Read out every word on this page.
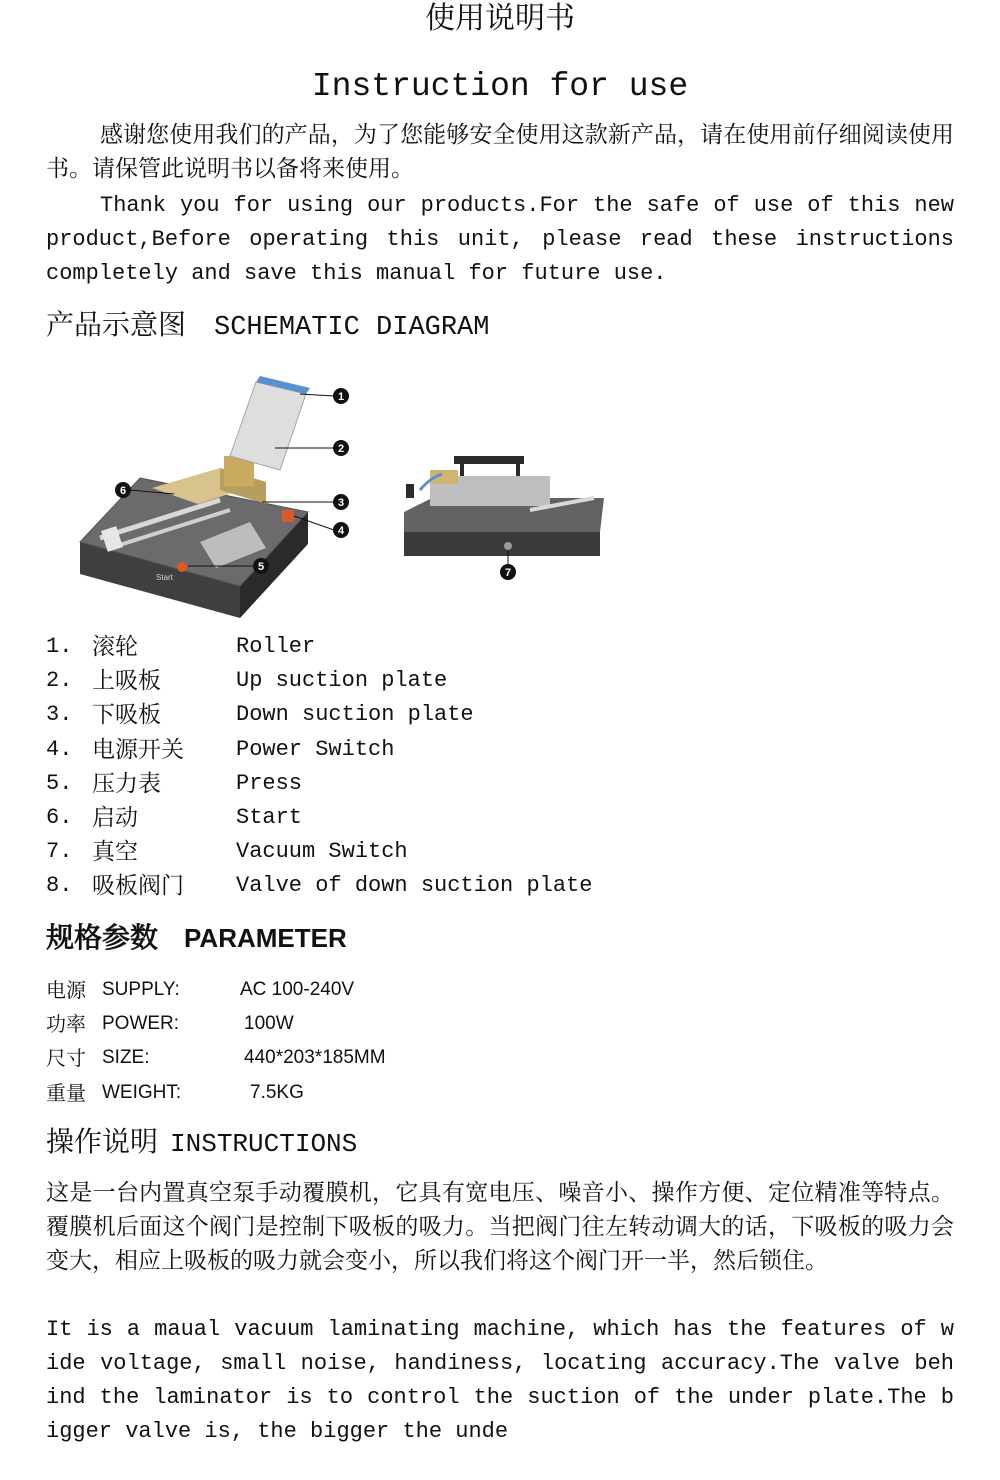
使用说明书
Instruction for use

感谢您使用我们的产品，为了您能够安全使用这款新产品，请在使用前仔细阅读使用书。请保管此说明书以备将来使用。

Thank you for using our products.For the safe of use of this new product,Before operating this unit, please read these instructions completely and save this manual for future use.

产品示意图 SCHEMATIC DIAGRAM
Start
1
2
3
4
5
6
7
1. 滚轮	Roller
2. 上吸板	Up suction plate
3. 下吸板	Down suction plate
4. 电源开关 Power Switch
5. 压力表	Press
6. 启动	Start
7. 真空	Vacuum Switch
8. 吸板阀门 Valve of down suction plate
规格参数 PARAMETER
电源 SUPPLY:	AC 100-240V
功率 POWER:	100W
尺寸 SIZE:	440*203*185MM
重量 WEIGHT:	7.5KG
操作说明 INSTRUCTIONS

这是一台内置真空泵手动覆膜机，它具有宽电压、噪音小、操作方便、定位精准等特点。覆膜机后面这个阀门是控制下吸板的吸力。当把阀门往左转动调大的话，下吸板的吸力会变大，相应上吸板的吸力就会变小，所以我们将这个阀门开一半，然后锁住。

It is a maual vacuum laminating machine, which has the features of wide voltage, small noise, handiness, locating accuracy.The valve behind the laminator is to control the suction of the under plate.The bigger valve is, the bigger the unde
